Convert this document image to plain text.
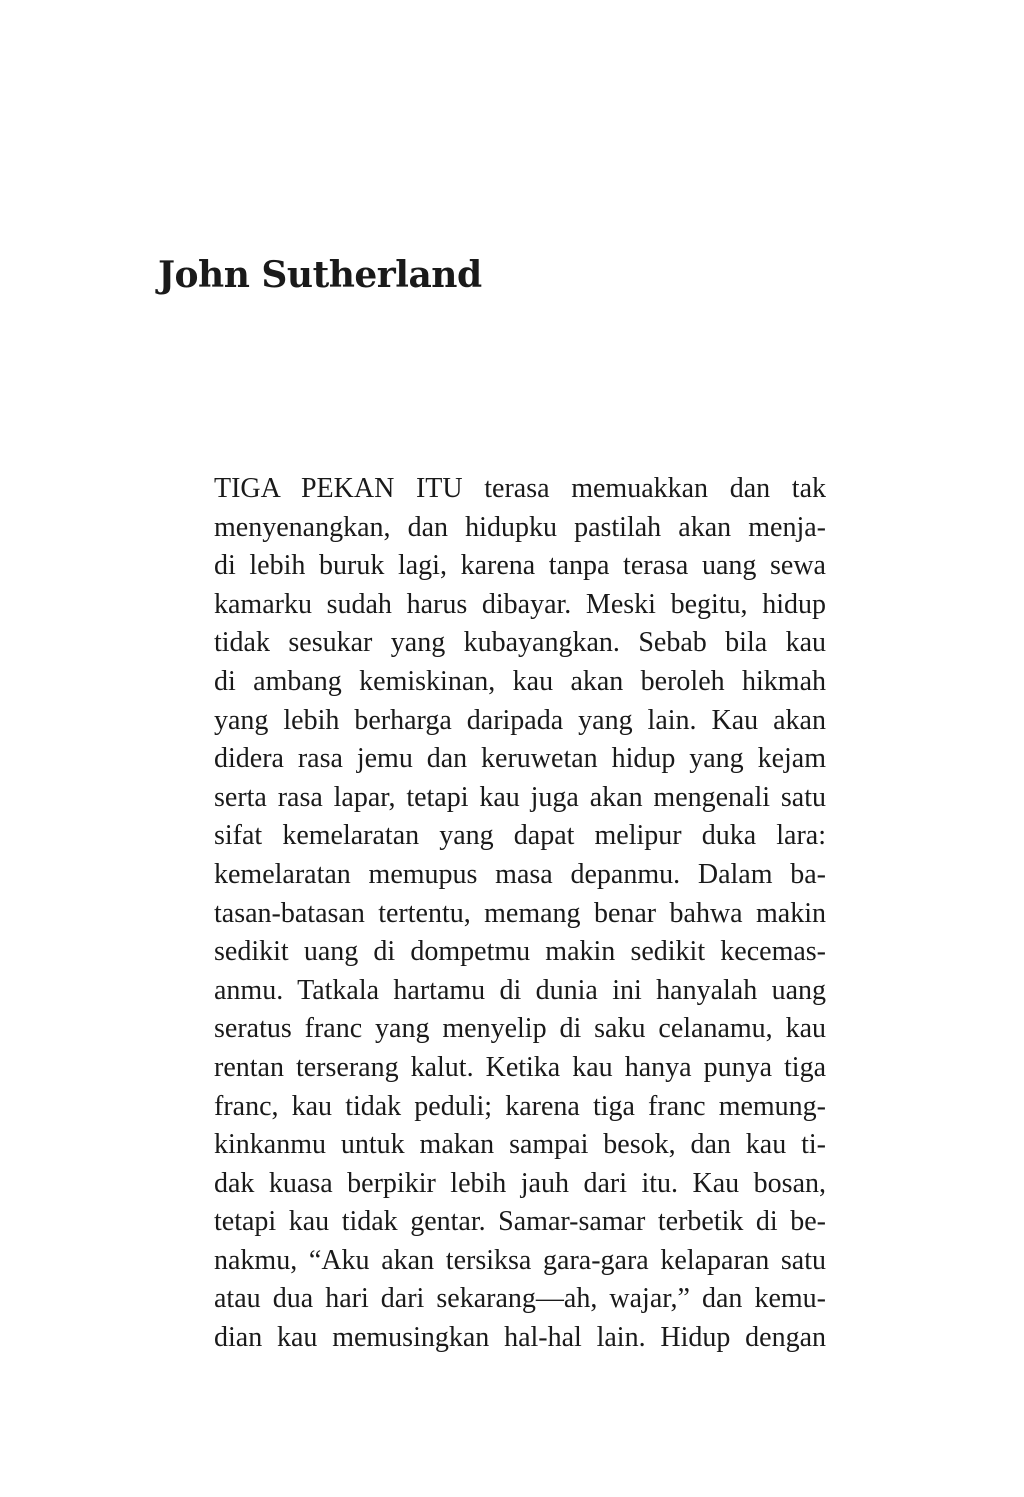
John Sutherland
TIGA PEKAN ITU terasa memuakkan dan tak
menyenangkan, dan hidupku pastilah akan menja-
di lebih buruk lagi, karena tanpa terasa uang sewa
kamarku sudah harus dibayar. Meski begitu, hidup
tidak sesukar yang kubayangkan. Sebab bila kau
di ambang kemiskinan, kau akan beroleh hikmah
yang lebih berharga daripada yang lain. Kau akan
didera rasa jemu dan keruwetan hidup yang kejam
serta rasa lapar, tetapi kau juga akan mengenali satu
sifat kemelaratan yang dapat melipur duka lara:
kemelaratan memupus masa depanmu. Dalam ba-
tasan-batasan tertentu, memang benar bahwa makin
sedikit uang di dompetmu makin sedikit kecemas-
anmu. Tatkala hartamu di dunia ini hanyalah uang
seratus franc yang menyelip di saku celanamu, kau
rentan terserang kalut. Ketika kau hanya punya tiga
franc, kau tidak peduli; karena tiga franc memung-
kinkanmu untuk makan sampai besok, dan kau ti-
dak kuasa berpikir lebih jauh dari itu. Kau bosan,
tetapi kau tidak gentar. Samar-samar terbetik di be-
nakmu, “Aku akan tersiksa gara-gara kelaparan satu
atau dua hari dari sekarang—ah, wajar,” dan kemu-
dian kau memusingkan hal-hal lain. Hidup dengan
